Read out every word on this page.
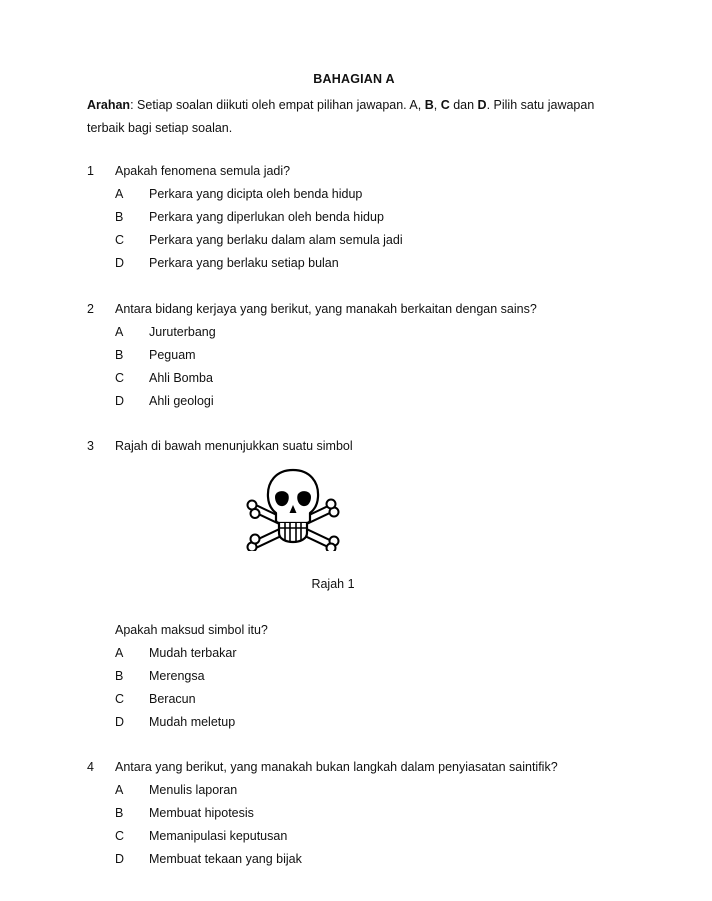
BAHAGIAN A
Arahan: Setiap soalan diikuti oleh empat pilihan jawapan. A, B, C dan D. Pilih satu jawapan terbaik bagi setiap soalan.
1 Apakah fenomena semula jadi?
A Perkara yang dicipta oleh benda hidup
B Perkara yang diperlukan oleh benda hidup
C Perkara yang berlaku dalam alam semula jadi
D Perkara yang berlaku setiap bulan
2 Antara bidang kerjaya yang berikut, yang manakah berkaitan dengan sains?
A Juruterbang
B Peguam
C Ahli Bomba
D Ahli geologi
3 Rajah di bawah menunjukkan suatu simbol
Rajah 1
Apakah maksud simbol itu?
A Mudah terbakar
B Merengsa
C Beracun
D Mudah meletup
4 Antara yang berikut, yang manakah bukan langkah dalam penyiasatan saintifik?
A Menulis laporan
B Membuat hipotesis
C Memanipulasi keputusan
D Membuat tekaan yang bijak
